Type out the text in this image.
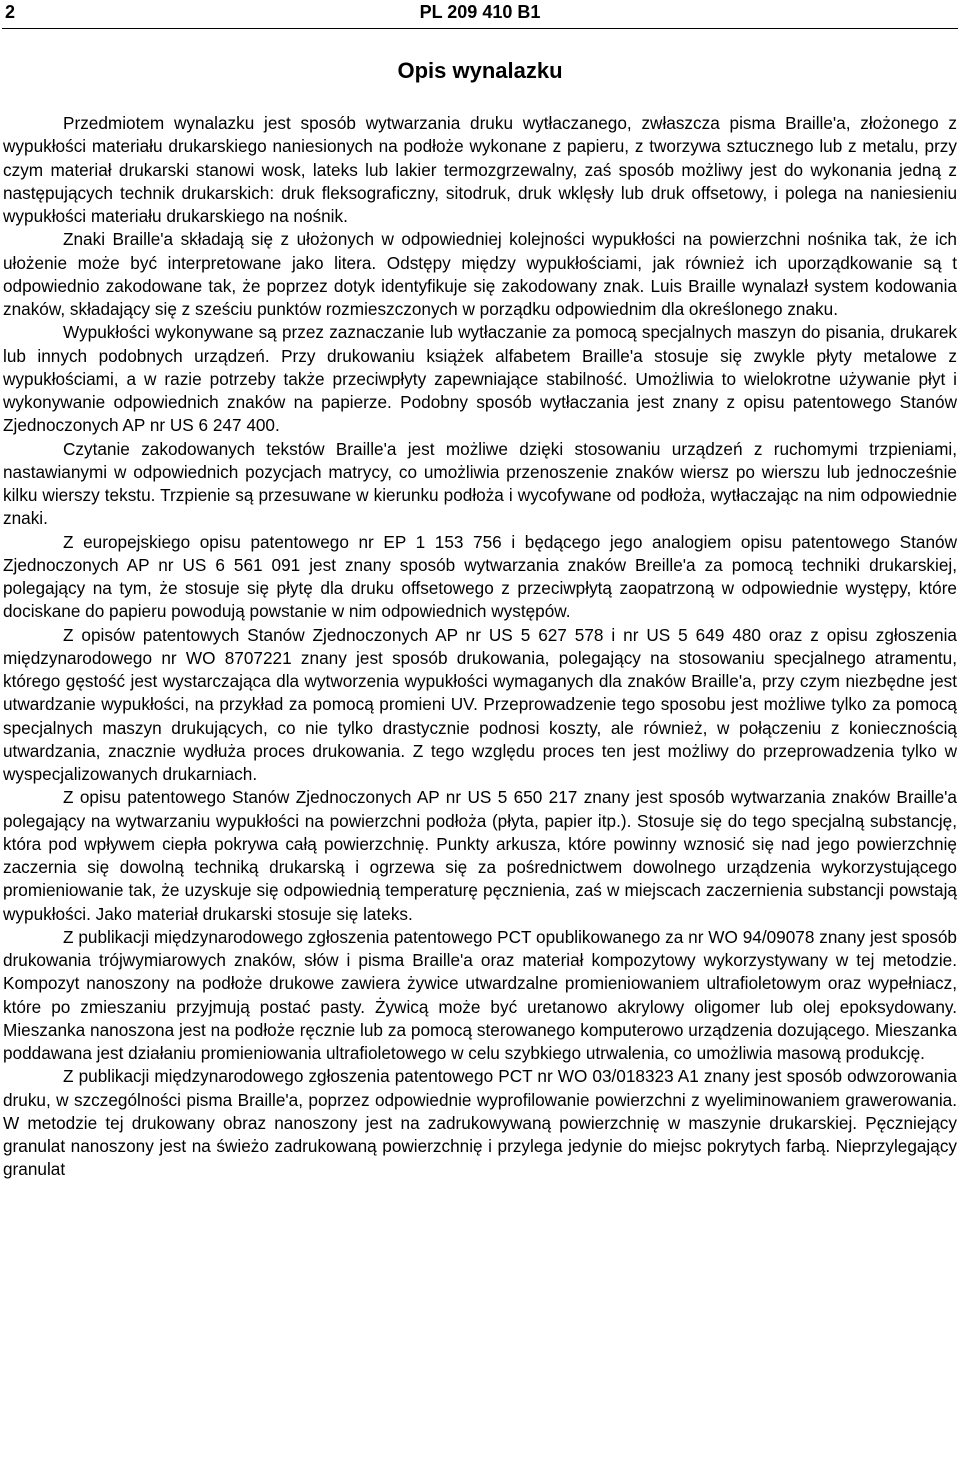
2	PL 209 410 B1
Opis wynalazku

Przedmiotem wynalazku jest sposób wytwarzania druku wytłaczanego, zwłaszcza pisma Braille'a, złożonego z wypukłości materiału drukarskiego naniesionych na podłoże wykonane z papieru, z tworzywa sztucznego lub z metalu, przy czym materiał drukarski stanowi wosk, lateks lub lakier termozgrzewalny, zaś sposób możliwy jest do wykonania jedną z następujących technik drukarskich: druk fleksograficzny, sitodruk, druk wklęsły lub druk offsetowy, i polega na naniesieniu wypukłości materiału drukarskiego na nośnik.

Znaki Braille'a składają się z ułożonych w odpowiedniej kolejności wypukłości na powierzchni nośnika tak, że ich ułożenie może być interpretowane jako litera. Odstępy między wypukłościami, jak również ich uporządkowanie są t odpowiednio zakodowane tak, że poprzez dotyk identyfikuje się zakodowany znak. Luis Braille wynalazł system kodowania znaków, składający się z sześciu punktów rozmieszczonych w porządku odpowiednim dla określonego znaku.

Wypukłości wykonywane są przez zaznaczanie lub wytłaczanie za pomocą specjalnych maszyn do pisania, drukarek lub innych podobnych urządzeń. Przy drukowaniu książek alfabetem Braille'a stosuje się zwykle płyty metalowe z wypukłościami, a w razie potrzeby także przeciwpłyty zapewniające stabilność. Umożliwia to wielokrotne używanie płyt i wykonywanie odpowiednich znaków na papierze. Podobny sposób wytłaczania jest znany z opisu patentowego Stanów Zjednoczonych AP nr US 6 247 400.

Czytanie zakodowanych tekstów Braille'a jest możliwe dzięki stosowaniu urządzeń z ruchomymi trzpieniami, nastawianymi w odpowiednich pozycjach matrycy, co umożliwia przenoszenie znaków wiersz po wierszu lub jednocześnie kilku wierszy tekstu. Trzpienie są przesuwane w kierunku podłoża i wycofywane od podłoża, wytłaczając na nim odpowiednie znaki.

Z europejskiego opisu patentowego nr EP 1 153 756 i będącego jego analogiem opisu patentowego Stanów Zjednoczonych AP nr US 6 561 091 jest znany sposób wytwarzania znaków Breille'a za pomocą techniki drukarskiej, polegający na tym, że stosuje się płytę dla druku offsetowego z przeciwpłytą zaopatrzoną w odpowiednie występy, które dociskane do papieru powodują powstanie w nim odpowiednich występów.

Z opisów patentowych Stanów Zjednoczonych AP nr US 5 627 578 i nr US 5 649 480 oraz z opisu zgłoszenia międzynarodowego nr WO 8707221 znany jest sposób drukowania, polegający na stosowaniu specjalnego atramentu, którego gęstość jest wystarczająca dla wytworzenia wypukłości wymaganych dla znaków Braille'a, przy czym niezbędne jest utwardzanie wypukłości, na przykład za pomocą promieni UV. Przeprowadzenie tego sposobu jest możliwe tylko za pomocą specjalnych maszyn drukujących, co nie tylko drastycznie podnosi koszty, ale również, w połączeniu z koniecznością utwardzania, znacznie wydłuża proces drukowania. Z tego względu proces ten jest możliwy do przeprowadzenia tylko w wyspecjalizowanych drukarniach.

Z opisu patentowego Stanów Zjednoczonych AP nr US 5 650 217 znany jest sposób wytwarzania znaków Braille'a polegający na wytwarzaniu wypukłości na powierzchni podłoża (płyta, papier itp.). Stosuje się do tego specjalną substancję, która pod wpływem ciepła pokrywa całą powierzchnię. Punkty arkusza, które powinny wznosić się nad jego powierzchnię zaczernia się dowolną techniką drukarską i ogrzewa się za pośrednictwem dowolnego urządzenia wykorzystującego promieniowanie tak, że uzyskuje się odpowiednią temperaturę pęcznienia, zaś w miejscach zaczernienia substancji powstają wypukłości. Jako materiał drukarski stosuje się lateks.

Z publikacji międzynarodowego zgłoszenia patentowego PCT opublikowanego za nr WO 94/09078 znany jest sposób drukowania trójwymiarowych znaków, słów i pisma Braille'a oraz materiał kompozytowy wykorzystywany w tej metodzie. Kompozyt nanoszony na podłoże drukowe zawiera żywice utwardzalne promieniowaniem ultrafioletowym oraz wypełniacz, które po zmieszaniu przyjmują postać pasty. Żywicą może być uretanowo akrylowy oligomer lub olej epoksydowany. Mieszanka nanoszona jest na podłoże ręcznie lub za pomocą sterowanego komputerowo urządzenia dozującego. Mieszanka poddawana jest działaniu promieniowania ultrafioletowego w celu szybkiego utrwalenia, co umożliwia masową produkcję.

Z publikacji międzynarodowego zgłoszenia patentowego PCT nr WO 03/018323 A1 znany jest sposób odwzorowania druku, w szczególności pisma Braille'a, poprzez odpowiednie wyprofilowanie powierzchni z wyeliminowaniem grawerowania. W metodzie tej drukowany obraz nanoszony jest na zadrukowywaną powierzchnię w maszynie drukarskiej. Pęczniejący granulat nanoszony jest na świeżo zadrukowaną powierzchnię i przylega jedynie do miejsc pokrytych farbą. Nieprzylegający granulat
